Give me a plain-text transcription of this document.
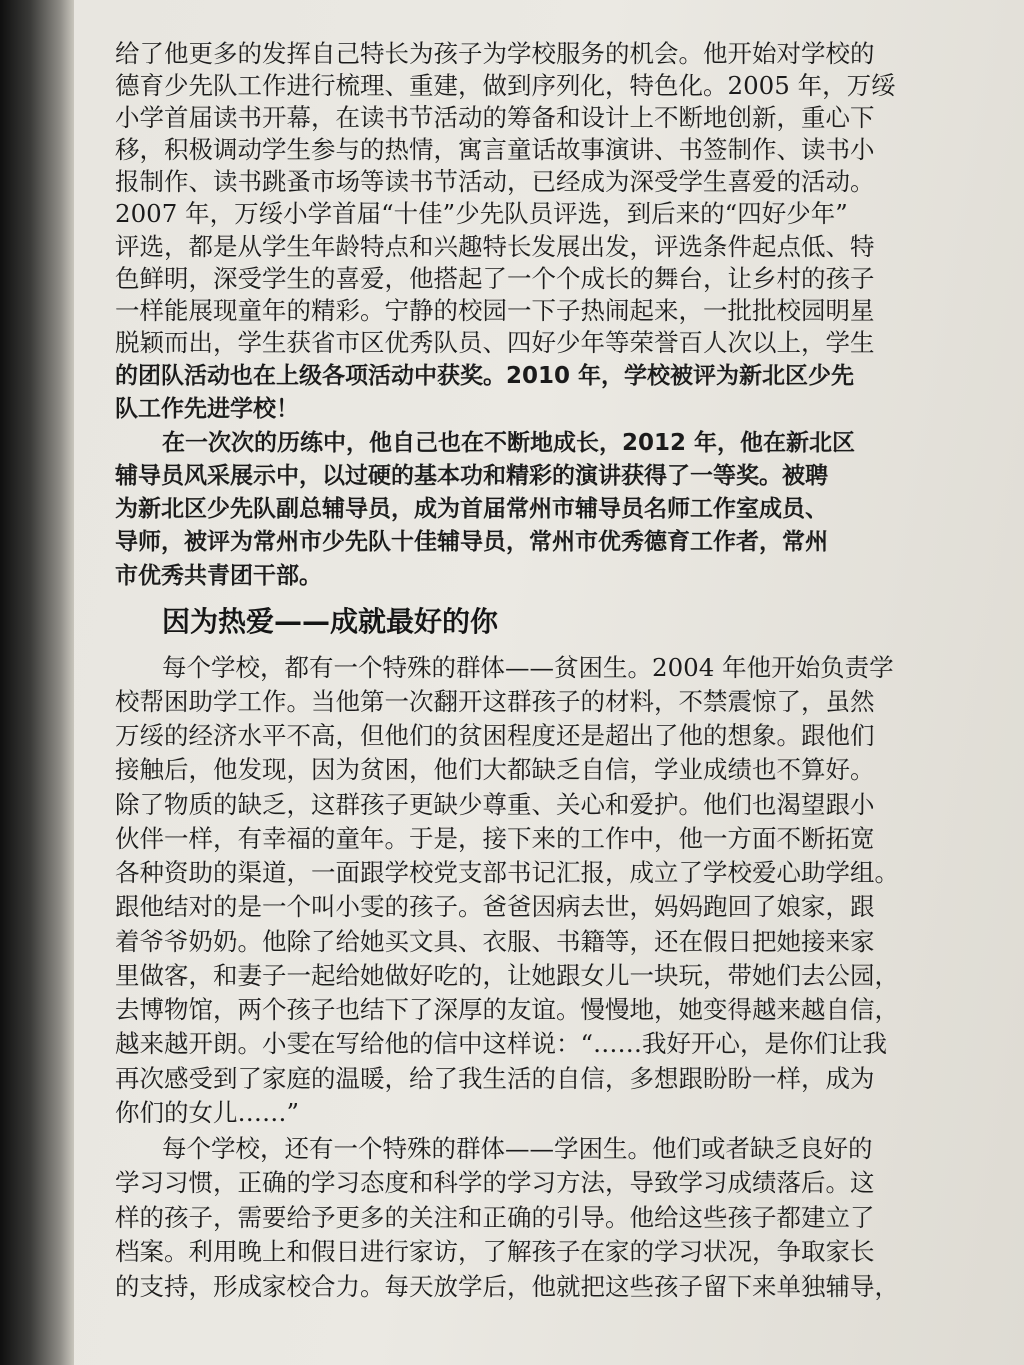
给了他更多的发挥自己特长为孩子为学校服务的机会。他开始对学校的
德育少先队工作进行梳理、重建，做到序列化，特色化。2005 年，万绥
小学首届读书开幕，在读书节活动的筹备和设计上不断地创新，重心下
移，积极调动学生参与的热情，寓言童话故事演讲、书签制作、读书小
报制作、读书跳蚤市场等读书节活动，已经成为深受学生喜爱的活动。
2007 年，万绥小学首届“十佳”少先队员评选，到后来的“四好少年”
评选，都是从学生年龄特点和兴趣特长发展出发，评选条件起点低、特
色鲜明，深受学生的喜爱，他搭起了一个个成长的舞台，让乡村的孩子
一样能展现童年的精彩。宁静的校园一下子热闹起来，一批批校园明星
脱颖而出，学生获省市区优秀队员、四好少年等荣誉百人次以上，学生
的团队活动也在上级各项活动中获奖。2010 年，学校被评为新北区少先
队工作先进学校！
在一次次的历练中，他自己也在不断地成长，2012 年，他在新北区
辅导员风采展示中，以过硬的基本功和精彩的演讲获得了一等奖。被聘
为新北区少先队副总辅导员，成为首届常州市辅导员名师工作室成员、
导师，被评为常州市少先队十佳辅导员，常州市优秀德育工作者，常州
市优秀共青团干部。
因为热爱——成就最好的你
每个学校，都有一个特殊的群体——贫困生。2004 年他开始负责学
校帮困助学工作。当他第一次翻开这群孩子的材料，不禁震惊了，虽然
万绥的经济水平不高，但他们的贫困程度还是超出了他的想象。跟他们
接触后，他发现，因为贫困，他们大都缺乏自信，学业成绩也不算好。
除了物质的缺乏，这群孩子更缺少尊重、关心和爱护。他们也渴望跟小
伙伴一样，有幸福的童年。于是，接下来的工作中，他一方面不断拓宽
各种资助的渠道，一面跟学校党支部书记汇报，成立了学校爱心助学组。
跟他结对的是一个叫小雯的孩子。爸爸因病去世，妈妈跑回了娘家，跟
着爷爷奶奶。他除了给她买文具、衣服、书籍等，还在假日把她接来家
里做客，和妻子一起给她做好吃的，让她跟女儿一块玩，带她们去公园，
去博物馆，两个孩子也结下了深厚的友谊。慢慢地，她变得越来越自信，
越来越开朗。小雯在写给他的信中这样说：“……我好开心，是你们让我
再次感受到了家庭的温暖，给了我生活的自信，多想跟盼盼一样，成为
你们的女儿……”
每个学校，还有一个特殊的群体——学困生。他们或者缺乏良好的
学习习惯，正确的学习态度和科学的学习方法，导致学习成绩落后。这
样的孩子，需要给予更多的关注和正确的引导。他给这些孩子都建立了
档案。利用晚上和假日进行家访，了解孩子在家的学习状况，争取家长
的支持，形成家校合力。每天放学后，他就把这些孩子留下来单独辅导，
